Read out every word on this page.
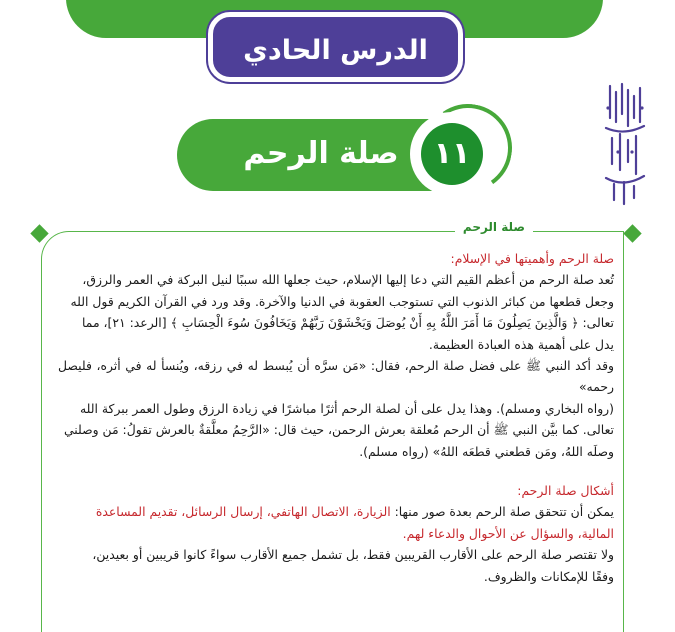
الدرس الحادي
صلة الرحم	١١
صلة الرحم

صلة الرحم وأهميتها في الإسلام:

تُعد صلة الرحم من أعظم القيم التي دعا إليها الإسلام، حيث جعلها الله سببًا لنيل البركة في العمر والرزق،

وجعل قطعها من كبائر الذنوب التي تستوجب العقوبة في الدنيا والآخرة. وقد ورد في القرآن الكريم قول الله

تعالى: ﴿ وَالَّذِينَ يَصِلُونَ مَا أَمَرَ اللَّهُ بِهِ أَنْ يُوصَلَ وَيَخْشَوْنَ رَبَّهُمْ وَيَخَافُونَ سُوءَ الْحِسَابِ ﴾ [الرعد: ٢١]، مما

يدل على أهمية هذه العبادة العظيمة.

وقد أكد النبي ﷺ على فضل صلة الرحم، فقال: «مَن سرَّه أن يُبسط له في رزقه، ويُنسأ له في أثره، فليصل رحمه»

(رواه البخاري ومسلم). وهذا يدل على أن لصلة الرحم أثرًا مباشرًا في زيادة الرزق وطول العمر ببركة الله

تعالى. كما بيَّن النبي ﷺ أن الرحم مُعلقة بعرش الرحمن، حيث قال: «الرَّحِمُ معلَّقةٌ بالعرش تقولُ: مَن وصلني

وصلَه اللهُ، ومَن قطعني قطعَه اللهُ» (رواه مسلم).

أشكال صلة الرحم:

يمكن أن تتحقق صلة الرحم بعدة صور منها: الزيارة، الاتصال الهاتفي، إرسال الرسائل، تقديم المساعدة

المالية، والسؤال عن الأحوال والدعاء لهم.

ولا تقتصر صلة الرحم على الأقارب القريبين فقط، بل تشمل جميع الأقارب سواءً كانوا قريبين أو بعيدين،

وفقًا للإمكانات والظروف.
